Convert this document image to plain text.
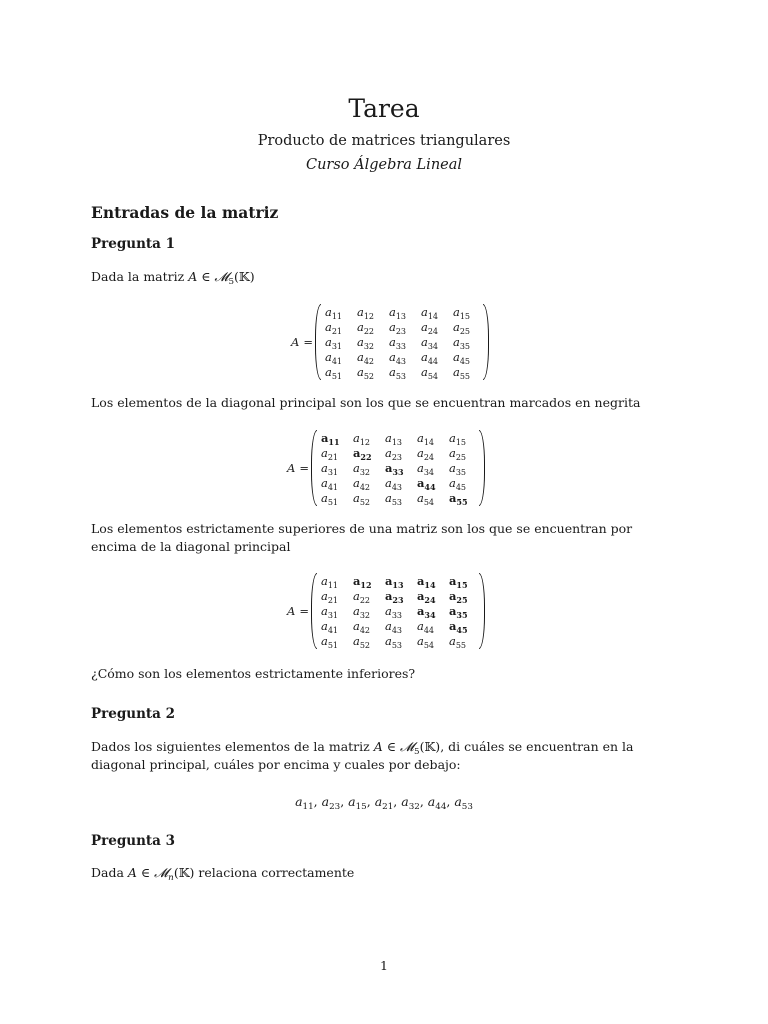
Tarea
Producto de matrices triangulares
Curso Álgebra Lineal
Entradas de la matriz
Pregunta 1
Dada la matriz A ∈ 𝓜$_5$(𝕂)
A =
$a_{11}$	$a_{12}$	$a_{13}$	$a_{14}$	$a_{15}$
$a_{21}$	$a_{22}$	$a_{23}$	$a_{24}$	$a_{25}$
$a_{31}$	$a_{32}$	$a_{33}$	$a_{34}$	$a_{35}$
$a_{41}$	$a_{42}$	$a_{43}$	$a_{44}$	$a_{45}$
$a_{51}$	$a_{52}$	$a_{53}$	$a_{54}$	$a_{55}$
Los elementos de la diagonal principal son los que se encuentran marcados en negrita
A =
$a_{11}$	$a_{12}$	$a_{13}$	$a_{14}$	$a_{15}$
$a_{21}$	$a_{22}$	$a_{23}$	$a_{24}$	$a_{25}$
$a_{31}$	$a_{32}$	$a_{33}$	$a_{34}$	$a_{35}$
$a_{41}$	$a_{42}$	$a_{43}$	$a_{44}$	$a_{45}$
$a_{51}$	$a_{52}$	$a_{53}$	$a_{54}$	$a_{55}$
Los elementos estrictamente superiores de una matriz son los que se encuentran por encima de la diagonal principal
A =
$a_{11}$	$a_{12}$	$a_{13}$	$a_{14}$	$a_{15}$
$a_{21}$	$a_{22}$	$a_{23}$	$a_{24}$	$a_{25}$
$a_{31}$	$a_{32}$	$a_{33}$	$a_{34}$	$a_{35}$
$a_{41}$	$a_{42}$	$a_{43}$	$a_{44}$	$a_{45}$
$a_{51}$	$a_{52}$	$a_{53}$	$a_{54}$	$a_{55}$
¿Cómo son los elementos estrictamente inferiores?
Pregunta 2
Dados los siguientes elementos de la matriz A ∈ 𝓜$_5$(𝕂), di cuáles se encuentran en la diagonal principal, cuáles por encima y cuales por debajo:
$a_{11}$, $a_{23}$, $a_{15}$, $a_{21}$, $a_{32}$, $a_{44}$, $a_{53}$
Pregunta 3
Dada A ∈ 𝓜$_n$(𝕂) relaciona correctamente
1
